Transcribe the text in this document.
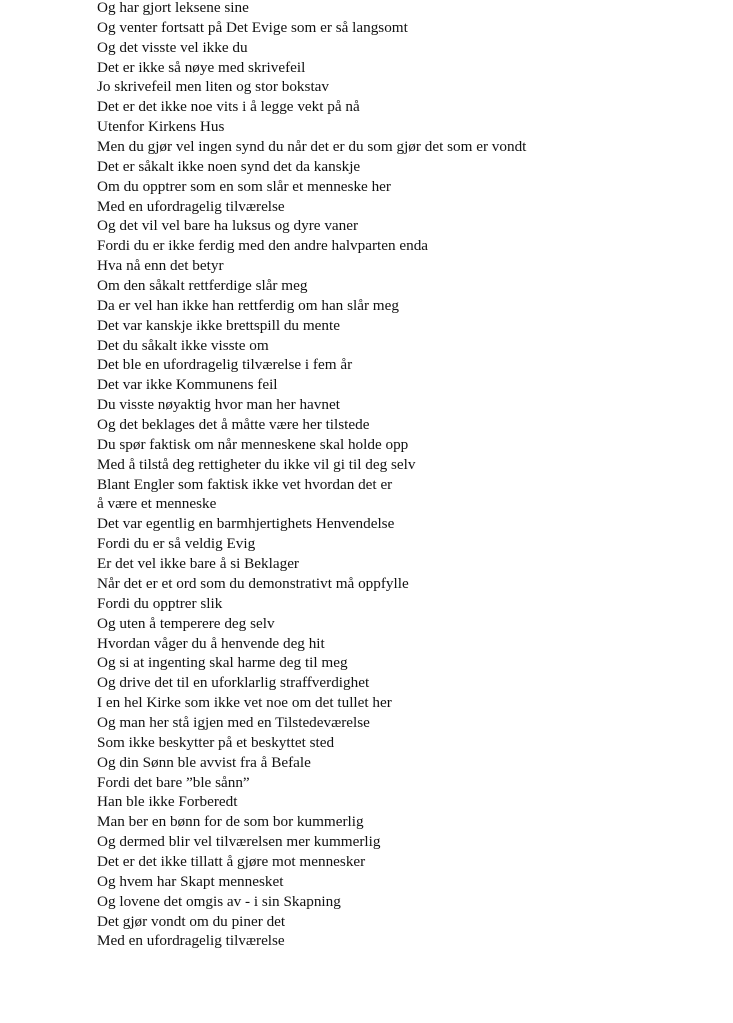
Og har gjort leksene sine

Og venter fortsatt på Det Evige som er så langsomt

Og det visste vel ikke du

Det er ikke så nøye med skrivefeil

Jo skrivefeil men liten og stor bokstav

Det er det ikke noe vits i å legge vekt på nå

Utenfor Kirkens Hus

Men du gjør vel ingen synd du når det er du som gjør det som er vondt

Det er såkalt ikke noen synd det da kanskje

Om du opptrer som en som slår et menneske her

Med en ufordragelig tilværelse

Og det vil vel bare ha luksus og dyre vaner

Fordi du er ikke ferdig med den andre halvparten enda

Hva nå enn det betyr

Om den såkalt rettferdige slår meg

Da er vel han ikke han rettferdig om han slår meg

Det var kanskje ikke brettspill du mente

Det du såkalt ikke visste om

Det ble en ufordragelig tilværelse i fem år

Det var ikke Kommunens feil

Du visste nøyaktig hvor man her havnet

Og det beklages det å måtte være her tilstede

Du spør faktisk om når menneskene skal holde opp

Med å tilstå deg rettigheter du ikke vil gi til deg selv

Blant Engler som faktisk ikke vet hvordan det er

å være et menneske

Det var egentlig en barmhjertighets Henvendelse

Fordi du er så veldig Evig

Er det vel ikke bare å si Beklager

Når det er et ord som du demonstrativt må oppfylle

Fordi du opptrer slik

Og uten å temperere deg selv

Hvordan våger du å henvende deg hit

Og si at ingenting skal harme deg til meg

Og drive det til en uforklarlig straffverdighet

I en hel Kirke som ikke vet noe om det tullet her

Og man her stå igjen med en Tilstedeværelse

Som ikke beskytter på et beskyttet sted

Og din Sønn ble avvist fra å Befale

Fordi det bare ”ble sånn”

Han ble ikke Forberedt

Man ber en bønn for de som bor kummerlig

Og dermed blir vel tilværelsen mer kummerlig

Det er det ikke tillatt å gjøre mot mennesker

Og hvem har Skapt mennesket

Og lovene det omgis av - i sin Skapning

Det gjør vondt om du piner det

Med en ufordragelig tilværelse
